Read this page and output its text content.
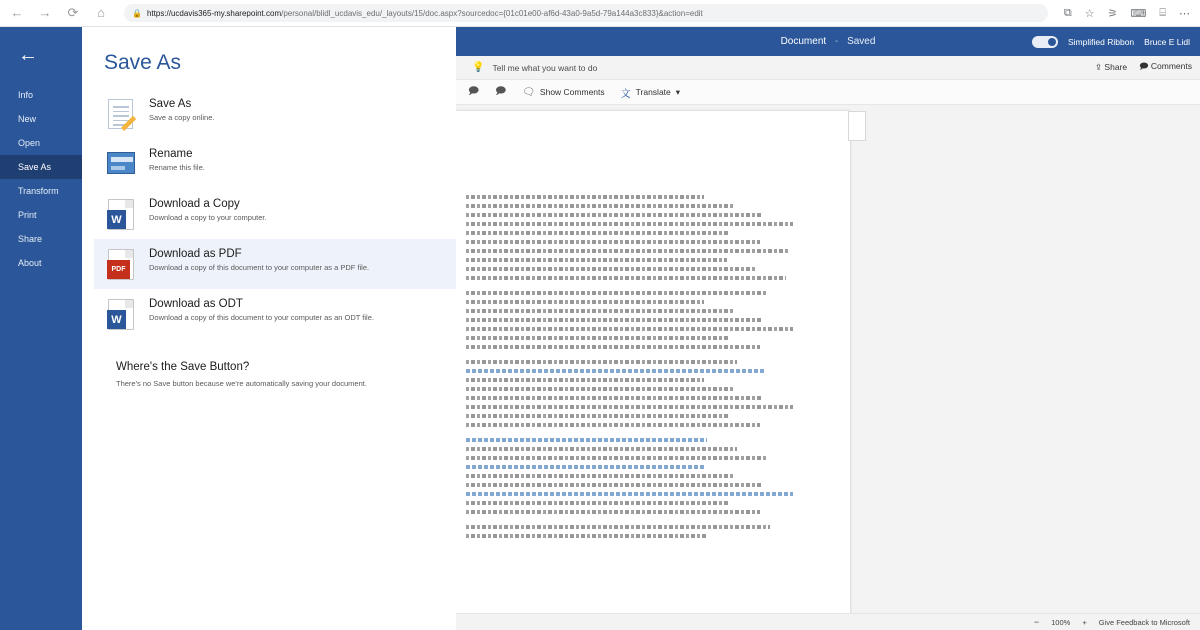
← → ⟳ ⌂	🔒 https://ucdavis365-my.sharepoint.com/personal/blidl_ucdavis_edu/_layouts/15/doc.aspx?sourcedoc={01c01e00-af6d-43a0-9a5d-79a144a3c833}&action=edit	⧉ ☆ ⚞ ⌨ ⌸ ⋯
Document - Saved	Simplified Ribbon Bruce E Lidl
💡 Tell me what you want to do	⇪ Share 🗩 Comments
🗩 🗩 🗨 Show Comments 文 Translate ▾
− 100% + Give Feedback to Microsoft
←
Info
New
Open
Save As
Transform
Print
Share
About
Save As
Save As
Save a copy online.
Rename
Rename this file.
W
Download a Copy
Download a copy to your computer.
PDF
Download as PDF
Download a copy of this document to your computer as a PDF file.
W
Download as ODT
Download a copy of this document to your computer as an ODT file.
Where's the Save Button?
There's no Save button because we're automatically saving your document.
